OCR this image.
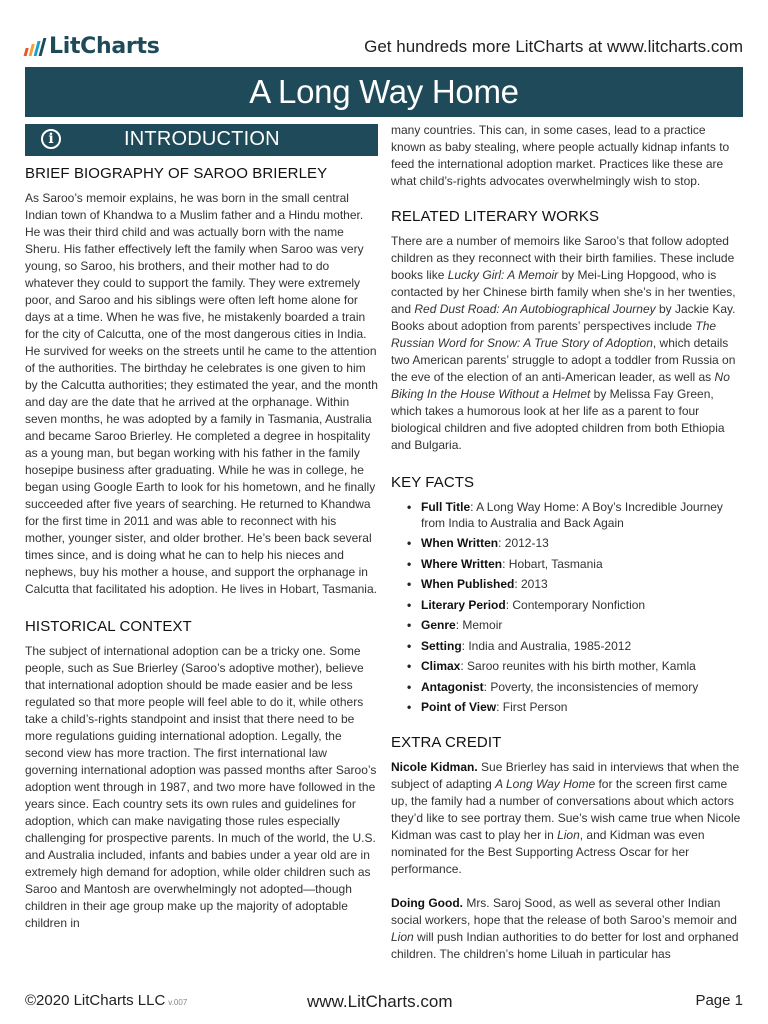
LitCharts	Get hundreds more LitCharts at www.litcharts.com
A Long Way Home
i	INTRODUCTION
BRIEF BIOGRAPHY OF SAROO BRIERLEY

As Saroo’s memoir explains, he was born in the small central Indian town of Khandwa to a Muslim father and a Hindu mother. He was their third child and was actually born with the name Sheru. His father effectively left the family when Saroo was very young, so Saroo, his brothers, and their mother had to do whatever they could to support the family. They were extremely poor, and Saroo and his siblings were often left home alone for days at a time. When he was five, he mistakenly boarded a train for the city of Calcutta, one of the most dangerous cities in India. He survived for weeks on the streets until he came to the attention of the authorities. The birthday he celebrates is one given to him by the Calcutta authorities; they estimated the year, and the month and day are the date that he arrived at the orphanage. Within seven months, he was adopted by a family in Tasmania, Australia and became Saroo Brierley. He completed a degree in hospitality as a young man, but began working with his father in the family hosepipe business after graduating. While he was in college, he began using Google Earth to look for his hometown, and he finally succeeded after five years of searching. He returned to Khandwa for the first time in 2011 and was able to reconnect with his mother, younger sister, and older brother. He’s been back several times since, and is doing what he can to help his nieces and nephews, buy his mother a house, and support the orphanage in Calcutta that facilitated his adoption. He lives in Hobart, Tasmania.

HISTORICAL CONTEXT

The subject of international adoption can be a tricky one. Some people, such as Sue Brierley (Saroo’s adoptive mother), believe that international adoption should be made easier and be less regulated so that more people will feel able to do it, while others take a child’s-rights standpoint and insist that there need to be more regulations guiding international adoption. Legally, the second view has more traction. The first international law governing international adoption was passed months after Saroo’s adoption went through in 1987, and two more have followed in the years since. Each country sets its own rules and guidelines for adoption, which can make navigating those rules especially challenging for prospective parents. In much of the world, the U.S. and Australia included, infants and babies under a year old are in extremely high demand for adoption, while older children such as Saroo and Mantosh are overwhelmingly not adopted—though children in their age group make up the majority of adoptable children in

many countries. This can, in some cases, lead to a practice known as baby stealing, where people actually kidnap infants to feed the international adoption market. Practices like these are what child’s-rights advocates overwhelmingly wish to stop.

RELATED LITERARY WORKS

There are a number of memoirs like Saroo’s that follow adopted children as they reconnect with their birth families. These include books like Lucky Girl: A Memoir by Mei-Ling Hopgood, who is contacted by her Chinese birth family when she’s in her twenties, and Red Dust Road: An Autobiographical Journey by Jackie Kay. Books about adoption from parents’ perspectives include The Russian Word for Snow: A True Story of Adoption, which details two American parents’ struggle to adopt a toddler from Russia on the eve of the election of an anti-American leader, as well as No Biking In the House Without a Helmet by Melissa Fay Green, which takes a humorous look at her life as a parent to four biological children and five adopted children from both Ethiopia and Bulgaria.

KEY FACTS
• Full Title: A Long Way Home: A Boy’s Incredible Journey from India to Australia and Back Again
• When Written: 2012-13
• Where Written: Hobart, Tasmania
• When Published: 2013
• Literary Period: Contemporary Nonfiction
• Genre: Memoir
• Setting: India and Australia, 1985-2012
• Climax: Saroo reunites with his birth mother, Kamla
• Antagonist: Poverty, the inconsistencies of memory
• Point of View: First Person
EXTRA CREDIT

Nicole Kidman. Sue Brierley has said in interviews that when the subject of adapting A Long Way Home for the screen first came up, the family had a number of conversations about which actors they’d like to see portray them. Sue’s wish came true when Nicole Kidman was cast to play her in Lion, and Kidman was even nominated for the Best Supporting Actress Oscar for her performance.

Doing Good. Mrs. Saroj Sood, as well as several other Indian social workers, hope that the release of both Saroo’s memoir and Lion will push Indian authorities to do better for lost and orphaned children. The children’s home Liluah in particular has

©2020 LitCharts LLC v.007	www.LitCharts.com	Page 1
